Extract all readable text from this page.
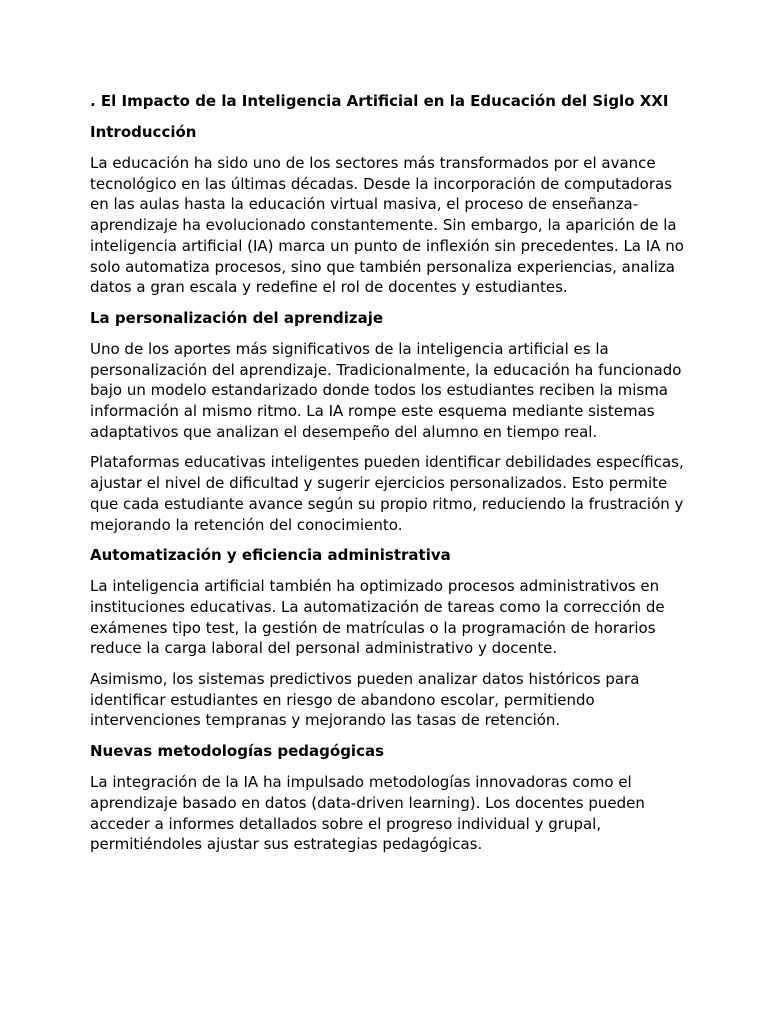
. El Impacto de la Inteligencia Artificial en la Educación del Siglo XXI
Introducción

La educación ha sido uno de los sectores más transformados por el avance tecnológico en las últimas décadas. Desde la incorporación de computadoras en las aulas hasta la educación virtual masiva, el proceso de enseñanza-aprendizaje ha evolucionado constantemente. Sin embargo, la aparición de la inteligencia artificial (IA) marca un punto de inflexión sin precedentes. La IA no solo automatiza procesos, sino que también personaliza experiencias, analiza datos a gran escala y redefine el rol de docentes y estudiantes.

La personalización del aprendizaje

Uno de los aportes más significativos de la inteligencia artificial es la personalización del aprendizaje. Tradicionalmente, la educación ha funcionado bajo un modelo estandarizado donde todos los estudiantes reciben la misma información al mismo ritmo. La IA rompe este esquema mediante sistemas adaptativos que analizan el desempeño del alumno en tiempo real.

Plataformas educativas inteligentes pueden identificar debilidades específicas, ajustar el nivel de dificultad y sugerir ejercicios personalizados. Esto permite que cada estudiante avance según su propio ritmo, reduciendo la frustración y mejorando la retención del conocimiento.

Automatización y eficiencia administrativa

La inteligencia artificial también ha optimizado procesos administrativos en instituciones educativas. La automatización de tareas como la corrección de exámenes tipo test, la gestión de matrículas o la programación de horarios reduce la carga laboral del personal administrativo y docente.

Asimismo, los sistemas predictivos pueden analizar datos históricos para identificar estudiantes en riesgo de abandono escolar, permitiendo intervenciones tempranas y mejorando las tasas de retención.

Nuevas metodologías pedagógicas

La integración de la IA ha impulsado metodologías innovadoras como el aprendizaje basado en datos (data-driven learning). Los docentes pueden acceder a informes detallados sobre el progreso individual y grupal, permitiéndoles ajustar sus estrategias pedagógicas.
